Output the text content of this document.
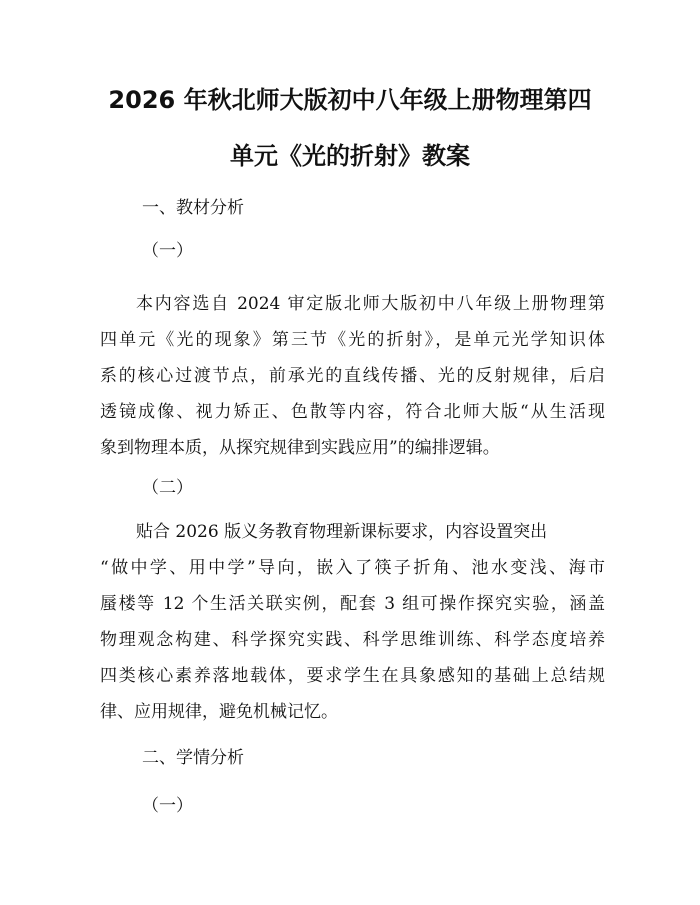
2026 年秋北师大版初中八年级上册物理第四
单元《光的折射》教案

一、教材分析

（一）

本内容选自 2024 审定版北师大版初中八年级上册物理第
四单元《光的现象》第三节《光的折射》，是单元光学知识体
系的核心过渡节点，前承光的直线传播、光的反射规律，后启
透镜成像、视力矫正、色散等内容，符合北师大版“从生活现
象到物理本质，从探究规律到实践应用”的编排逻辑。

（二）

贴合 2026 版义务教育物理新课标要求，内容设置突出
“做中学、用中学”导向，嵌入了筷子折角、池水变浅、海市
蜃楼等 12 个生活关联实例，配套 3 组可操作探究实验，涵盖
物理观念构建、科学探究实践、科学思维训练、科学态度培养
四类核心素养落地载体，要求学生在具象感知的基础上总结规
律、应用规律，避免机械记忆。

二、学情分析

（一）
